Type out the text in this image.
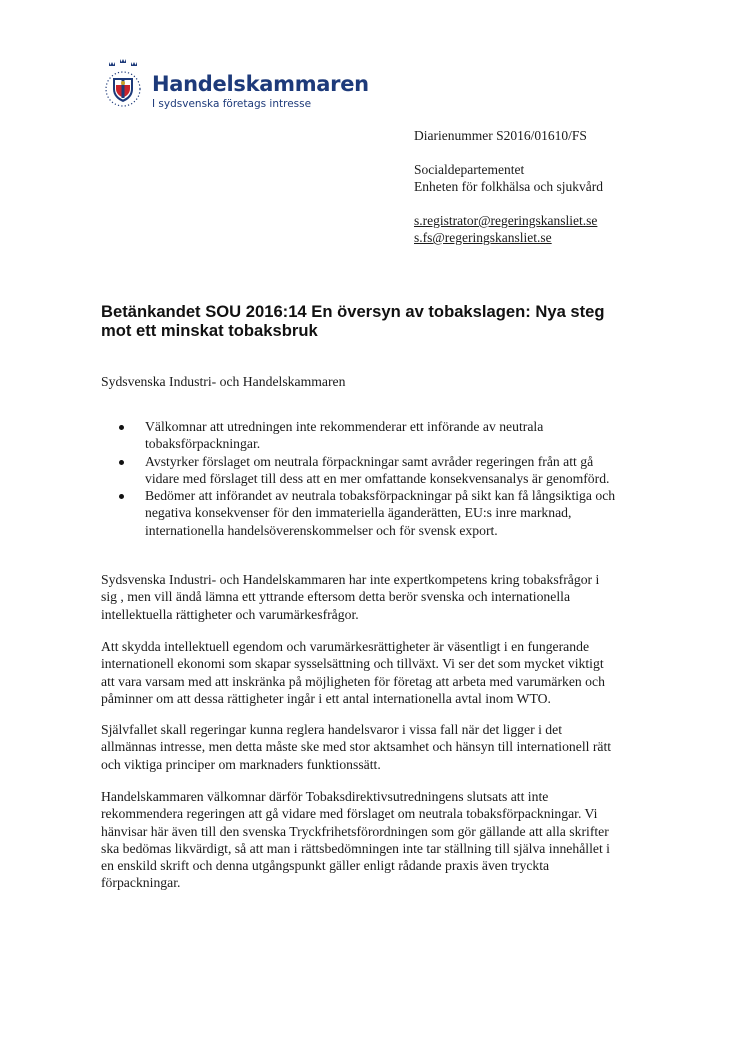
Handelskammaren
I sydsvenska företags intresse
Diarienummer S2016/01610/FS
Socialdepartementet
Enheten för folkhälsa och sjukvård
s.registrator@regeringskansliet.se
s.fs@regeringskansliet.se
Betänkandet SOU 2016:14 En översyn av tobakslagen: Nya steg
mot ett minskat tobaksbruk
Sydsvenska Industri- och Handelskammaren
Välkomnar att utredningen inte rekommenderar ett införande av neutrala
tobaksförpackningar.
Avstyrker förslaget om neutrala förpackningar samt avråder regeringen från att gå
vidare med förslaget till dess att en mer omfattande konsekvensanalys är genomförd.
Bedömer att införandet av neutrala tobaksförpackningar på sikt kan få långsiktiga och
negativa konsekvenser för den immateriella äganderätten, EU:s inre marknad,
internationella handelsöverenskommelser och för svensk export.
Sydsvenska Industri- och Handelskammaren har inte expertkompetens kring tobaksfrågor i
sig , men vill ändå lämna ett yttrande eftersom detta berör svenska och internationella
intellektuella rättigheter och varumärkesfrågor.
Att skydda intellektuell egendom och varumärkesrättigheter är väsentligt i en fungerande
internationell ekonomi som skapar sysselsättning och tillväxt. Vi ser det som mycket viktigt
att vara varsam med att inskränka på möjligheten för företag att arbeta med varumärken och
påminner om att dessa rättigheter ingår i ett antal internationella avtal inom WTO.
Självfallet skall regeringar kunna reglera handelsvaror i vissa fall när det ligger i det
allmännas intresse, men detta måste ske med stor aktsamhet och hänsyn till internationell rätt
och viktiga principer om marknaders funktionssätt.
Handelskammaren välkomnar därför Tobaksdirektivsutredningens slutsats att inte
rekommendera regeringen att gå vidare med förslaget om neutrala tobaksförpackningar. Vi
hänvisar här även till den svenska Tryckfrihetsförordningen som gör gällande att alla skrifter
ska bedömas likvärdigt, så att man i rättsbedömningen inte tar ställning till själva innehållet i
en enskild skrift och denna utgångspunkt gäller enligt rådande praxis även tryckta
förpackningar.
